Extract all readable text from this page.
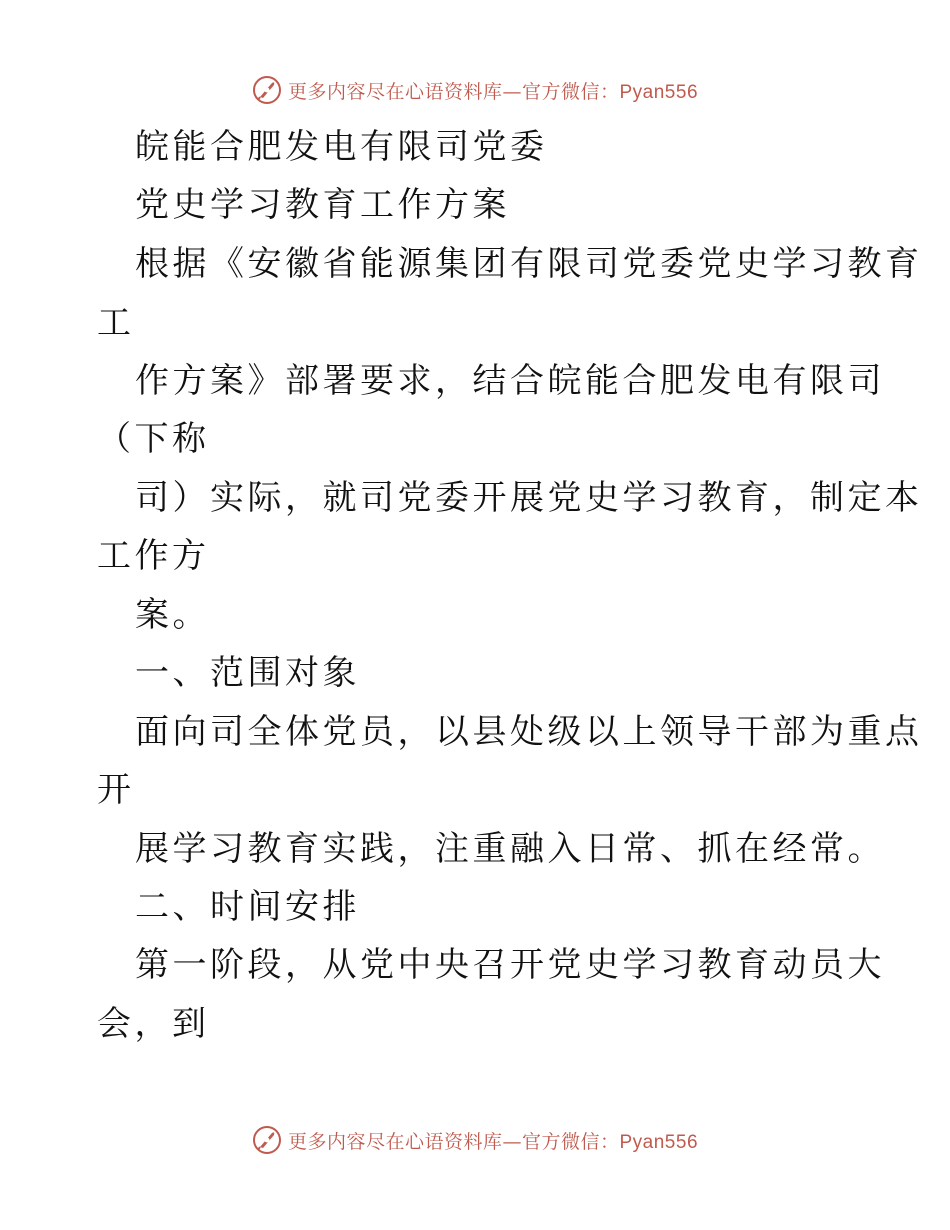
更多内容尽在心语资料库—官方微信：Pyan556
皖能合肥发电有限司党委
党史学习教育工作方案
根据《安徽省能源集团有限司党委党史学习教育
工
作方案》部署要求，结合皖能合肥发电有限司
（下称
司）实际，就司党委开展党史学习教育，制定本
工作方
案。
一、范围对象
面向司全体党员，以县处级以上领导干部为重点
开
展学习教育实践，注重融入日常、抓在经常。
二、时间安排
第一阶段，从党中央召开党史学习教育动员大
会，到
更多内容尽在心语资料库—官方微信：Pyan556
